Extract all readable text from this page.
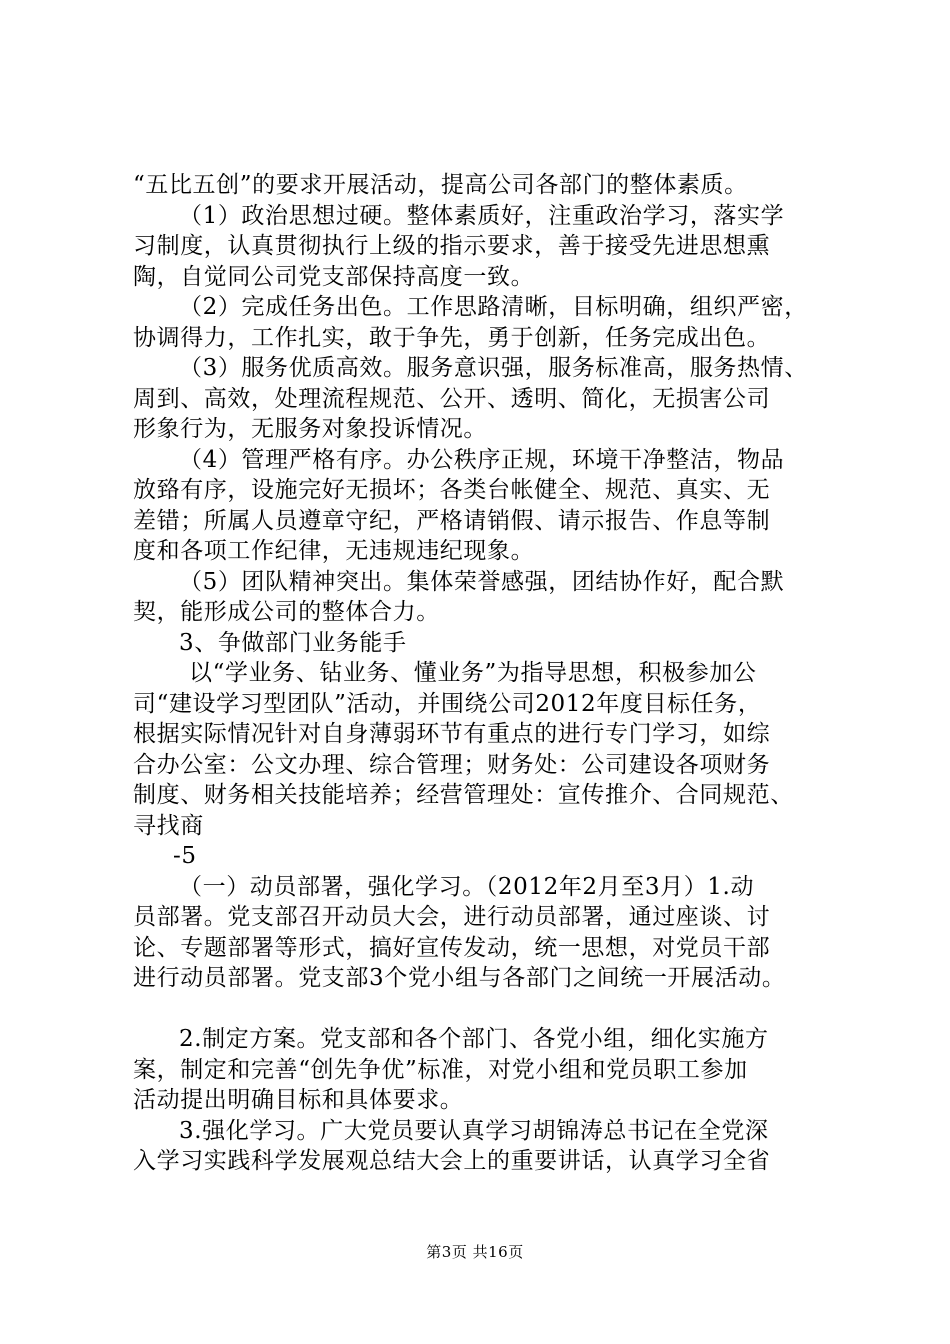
“五比五创”的要求开展活动，提高公司各部门的整体素质。
（1）政治思想过硬。整体素质好，注重政治学习，落实学
习制度，认真贯彻执行上级的指示要求，善于接受先进思想熏
陶，自觉同公司党支部保持高度一致。
（2）完成任务出色。工作思路清晰，目标明确，组织严密，
协调得力，工作扎实，敢于争先，勇于创新，任务完成出色。
（3）服务优质高效。服务意识强，服务标准高，服务热情、
周到、高效，处理流程规范、公开、透明、简化，无损害公司
形象行为，无服务对象投诉情况。
（4）管理严格有序。办公秩序正规，环境干净整洁，物品
放臵有序，设施完好无损坏；各类台帐健全、规范、真实、无
差错；所属人员遵章守纪，严格请销假、请示报告、作息等制
度和各项工作纪律，无违规违纪现象。
（5）团队精神突出。集体荣誉感强，团结协作好，配合默
契，能形成公司的整体合力。
3、争做部门业务能手
以“学业务、钻业务、懂业务”为指导思想，积极参加公
司“建设学习型团队”活动，并围绕公司2012年度目标任务，
根据实际情况针对自身薄弱环节有重点的进行专门学习，如综
合办公室：公文办理、综合管理；财务处：公司建设各项财务
制度、财务相关技能培养；经营管理处：宣传推介、合同规范、
寻找商
-5
（一）动员部署，强化学习。（2012年2月至3月）1.动
员部署。党支部召开动员大会，进行动员部署，通过座谈、讨
论、专题部署等形式，搞好宣传发动，统一思想，对党员干部
进行动员部署。党支部3个党小组与各部门之间统一开展活动。
2.制定方案。党支部和各个部门、各党小组，细化实施方
案，制定和完善“创先争优”标准，对党小组和党员职工参加
活动提出明确目标和具体要求。
3.强化学习。广大党员要认真学习胡锦涛总书记在全党深
入学习实践科学发展观总结大会上的重要讲话，认真学习全省
第3页 共16页
